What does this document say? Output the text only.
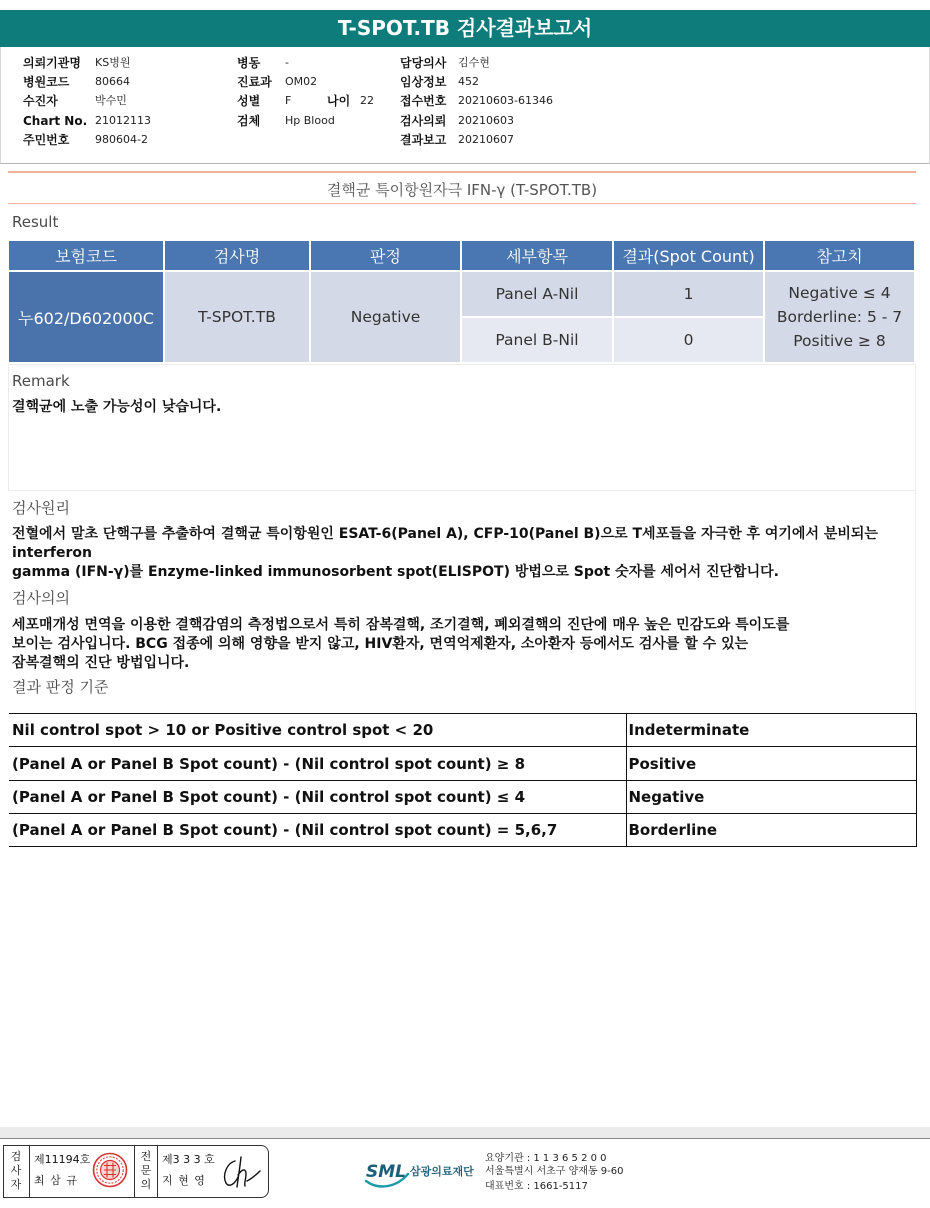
T-SPOT.TB 검사결과보고서
의뢰기관명 KS병원
병원코드 80664
수진자	박수민
Chart No. 21012113
주민번호 980604-2
병동 -
진료과 OM02
성별 F	나이 22
검체 Hp Blood
담당의사 김수현
임상정보 452
접수번호 20210603-61346
검사의뢰 20210603
결과보고 20210607
결핵균 특이항원자극 IFN-γ (T-SPOT.TB)
Result
보험코드	검사명	판정	세부항목	결과(Spot Count)	참고치
누602/D602000C	T-SPOT.TB	Negative	Panel A-Nil	1	Negative ≤ 4
Borderline: 5 - 7
Positive ≥ 8

			Panel B-Nil	0	
Remark
결핵균에 노출 가능성이 낮습니다.
검사원리
전혈에서 말초 단핵구를 추출하여 결핵균 특이항원인 ESAT-6(Panel A), CFP-10(Panel B)으로 T세포들을 자극한 후 여기에서 분비되는
interferon
gamma (IFN-γ)를 Enzyme-linked immunosorbent spot(ELISPOT) 방법으로 Spot 숫자를 세어서 진단합니다.
검사의의
세포매개성 면역을 이용한 결핵감염의 측정법으로서 특히 잠복결핵, 조기결핵, 폐외결핵의 진단에 매우 높은 민감도와 특이도를
보이는 검사입니다. BCG 접종에 의해 영향을 받지 않고, HIV환자, 면역억제환자, 소아환자 등에서도 검사를 할 수 있는
잠복결핵의 진단 방법입니다.
결과 판정 기준
Nil control spot > 10 or Positive control spot < 20	Indeterminate
(Panel A or Panel B Spot count) - (Nil control spot count) ≥ 8	Positive
(Panel A or Panel B Spot count) - (Nil control spot count) ≤ 4	Negative
(Panel A or Panel B Spot count) - (Nil control spot count) = 5,6,7	Borderline
검사자
제11194호
최 삼 규
전문의
제3 3 3 호
지 현 영	SML 삼광의료재단
요양기관 : 1 1 3 6 5 2 0 0
서울특별시 서초구 양재동 9-60
대표번호 : 1661-5117
